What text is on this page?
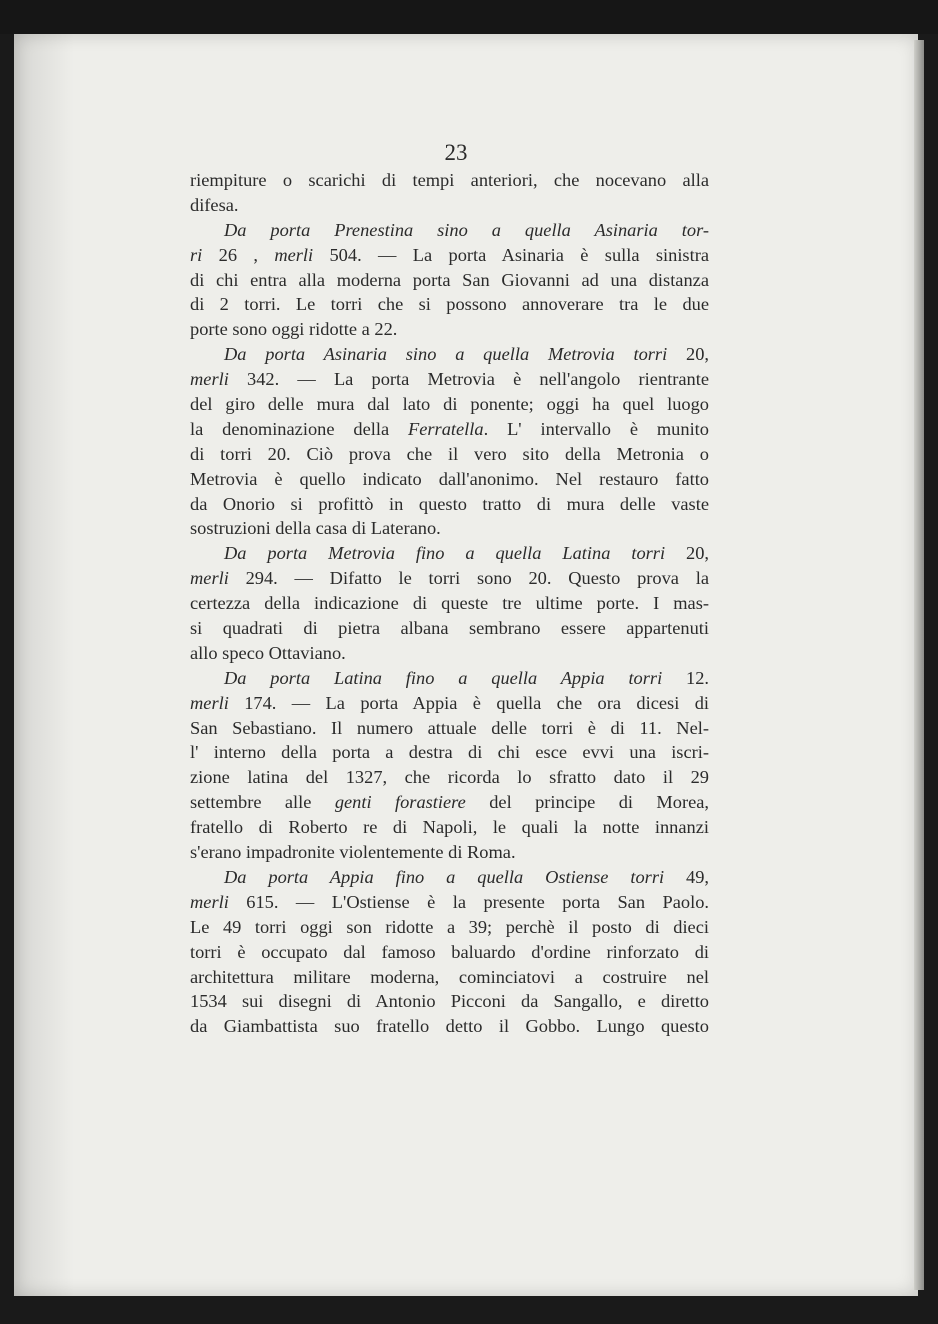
23
riempiture o scarichi di tempi anteriori, che nocevano alla
difesa.
Da porta Prenestina sino a quella Asinaria tor-
ri 26 , merli 504. — La porta Asinaria è sulla sinistra
di chi entra alla moderna porta San Giovanni ad una distanza
di 2 torri. Le torri che si possono annoverare tra le due
porte sono oggi ridotte a 22.
Da porta Asinaria sino a quella Metrovia torri 20,
merli 342. — La porta Metrovia è nell'angolo rientrante
del giro delle mura dal lato di ponente; oggi ha quel luogo
la denominazione della Ferratella. L' intervallo è munito
di torri 20. Ciò prova che il vero sito della Metronia o
Metrovia è quello indicato dall'anonimo. Nel restauro fatto
da Onorio si profittò in questo tratto di mura delle vaste
sostruzioni della casa di Laterano.
Da porta Metrovia fino a quella Latina torri 20,
merli 294. — Difatto le torri sono 20. Questo prova la
certezza della indicazione di queste tre ultime porte. I mas-
si quadrati di pietra albana sembrano essere appartenuti
allo speco Ottaviano.
Da porta Latina fino a quella Appia torri 12.
merli 174. — La porta Appia è quella che ora dicesi di
San Sebastiano. Il numero attuale delle torri è di 11. Nel-
l' interno della porta a destra di chi esce evvi una iscri-
zione latina del 1327, che ricorda lo sfratto dato il 29
settembre alle genti forastiere del principe di Morea,
fratello di Roberto re di Napoli, le quali la notte innanzi
s'erano impadronite violentemente di Roma.
Da porta Appia fino a quella Ostiense torri 49,
merli 615. — L'Ostiense è la presente porta San Paolo.
Le 49 torri oggi son ridotte a 39; perchè il posto di dieci
torri è occupato dal famoso baluardo d'ordine rinforzato di
architettura militare moderna, cominciatovi a costruire nel
1534 sui disegni di Antonio Picconi da Sangallo, e diretto
da Giambattista suo fratello detto il Gobbo. Lungo questo
